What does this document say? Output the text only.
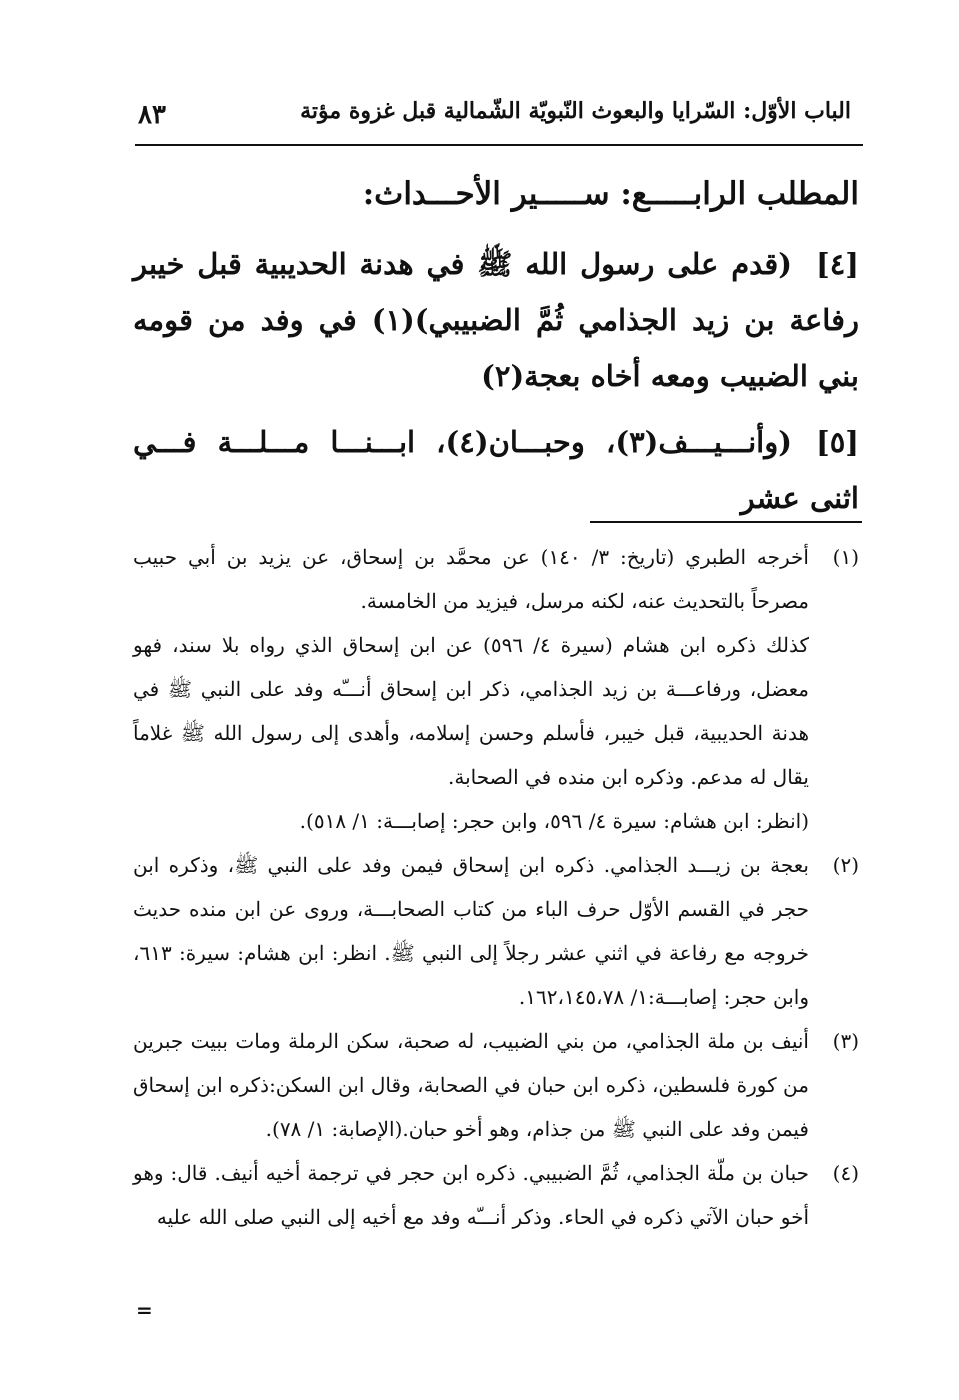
الباب الأوّل: السّرايا والبعوث النّبويّة الشّمالية قبل غزوة مؤتة
٨٣
المطلب الرابـــــع: ســـــير الأحـــداث:
[٤](قدم على رسول الله ﷺ في هدنة الحديبية قبل خيبر رفاعة بن زيد الجذامي ثُمَّ الضبيبي)(١) في وفد من قومه بني الضبيب ومعه أخاه بعجة(٢)
[٥](وأنـــيـــف(٣)، وحبـــان(٤)، ابـــنـــا مـــلـــة فـــي اثنى عشر
(١)
أخرجه الطبري (تاريخ: ٣/ ١٤٠) عن محمَّد بن إسحاق، عن يزيد بن أبي حبيب مصرحاً بالتحديث عنه، لكنه مرسل، فيزيد من الخامسة.

كذلك ذكره ابن هشام (سيرة ٤/ ٥٩٦) عن ابن إسحاق الذي رواه بلا سند، فهو معضل، ورفاعـــة بن زيد الجذامي، ذكر ابن إسحاق أنـــّه وفد على النبي ﷺ في هدنة الحديبية، قبل خيبر، فأسلم وحسن إسلامه، وأهدى إلى رسول الله ﷺ غلاماً يقال له مدعم. وذكره ابن منده في الصحابة.

(انظر: ابن هشام: سيرة ٤/ ٥٩٦، وابن حجر: إصابـــة: ١/ ٥١٨).

(٢)
بعجة بن زيـــد الجذامي. ذكره ابن إسحاق فيمن وفد على النبي ﷺ، وذكره ابن حجر في القسم الأوّل حرف الباء من كتاب الصحابـــة، وروى عن ابن منده حديث خروجه مع رفاعة في اثني عشر رجلاً إلى النبي ﷺ. انظر: ابن هشام: سيرة: ٦١٣، وابن حجر: إصابـــة:١/ ١٦٢،١٤٥،٧٨.
(٣)
أنيف بن ملة الجذامي، من بني الضبيب، له صحبة، سكن الرملة ومات ببيت جبرين من كورة فلسطين، ذكره ابن حبان في الصحابة، وقال ابن السكن:ذكره ابن إسحاق فيمن وفد على النبي ﷺ من جذام، وهو أخو حبان.(الإصابة: ١/ ٧٨).
(٤)
حبان بن ملّة الجذامي، ثُمَّ الضبيبي. ذكره ابن حجر في ترجمة أخيه أنيف. قال: وهو أخو حبان الآتي ذكره في الحاء. وذكر أنـــّه وفد مع أخيه إلى النبي صلى الله عليه
=
